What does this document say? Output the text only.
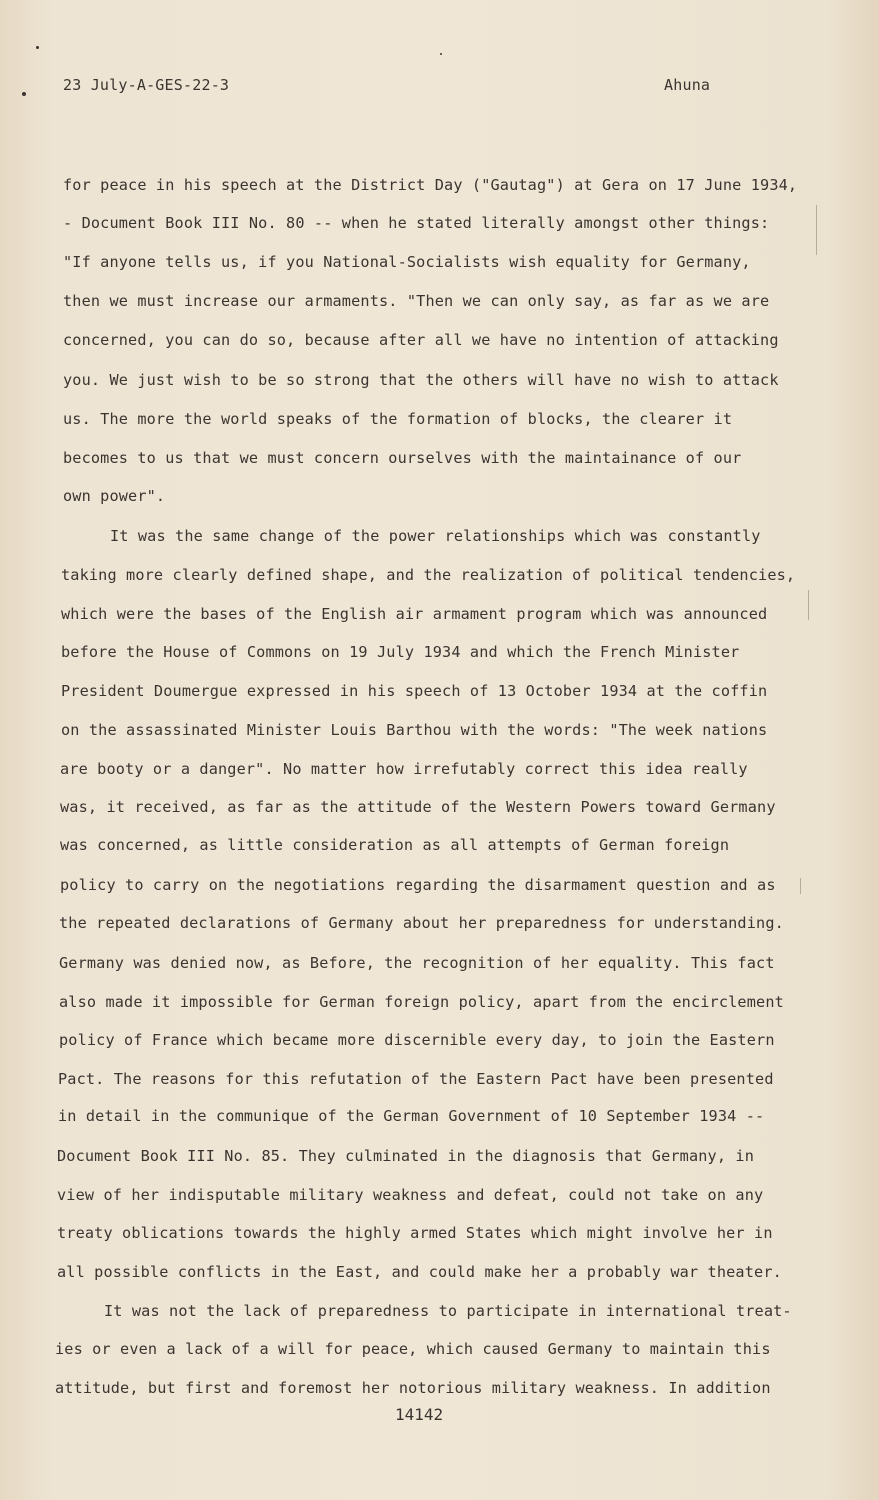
23 July-A-GES-22-3	Ahuna
for peace in his speech at the District Day ("Gautag") at Gera on 17 June 1934,
- Document Book III No. 80 -- when he stated literally amongst other things:
"If anyone tells us, if you National-Socialists wish equality for Germany,
then we must increase our armaments. "Then we can only say, as far as we are
concerned, you can do so, because after all we have no intention of attacking
you. We just wish to be so strong that the others will have no wish to attack
us. The more the world speaks of the formation of blocks, the clearer it
becomes to us that we must concern ourselves with the maintainance of our
own power".
It was the same change of the power relationships which was constantly
taking more clearly defined shape, and the realization of political tendencies,
which were the bases of the English air armament program which was announced
before the House of Commons on 19 July 1934 and which the French Minister
President Doumergue expressed in his speech of 13 October 1934 at the coffin
on the assassinated Minister Louis Barthou with the words: "The week nations
are booty or a danger". No matter how irrefutably correct this idea really
was, it received, as far as the attitude of the Western Powers toward Germany
was concerned, as little consideration as all attempts of German foreign
policy to carry on the negotiations regarding the disarmament question and as
the repeated declarations of Germany about her preparedness for understanding.
Germany was denied now, as Before, the recognition of her equality. This fact
also made it impossible for German foreign policy, apart from the encirclement
policy of France which became more discernible every day, to join the Eastern
Pact. The reasons for this refutation of the Eastern Pact have been presented
in detail in the communique of the German Government of 10 September 1934 --
Document Book III No. 85. They culminated in the diagnosis that Germany, in
view of her indisputable military weakness and defeat, could not take on any
treaty oblications towards the highly armed States which might involve her in
all possible conflicts in the East, and could make her a probably war theater.
It was not the lack of preparedness to participate in international treat-
ies or even a lack of a will for peace, which caused Germany to maintain this
attitude, but first and foremost her notorious military weakness. In addition
14142
